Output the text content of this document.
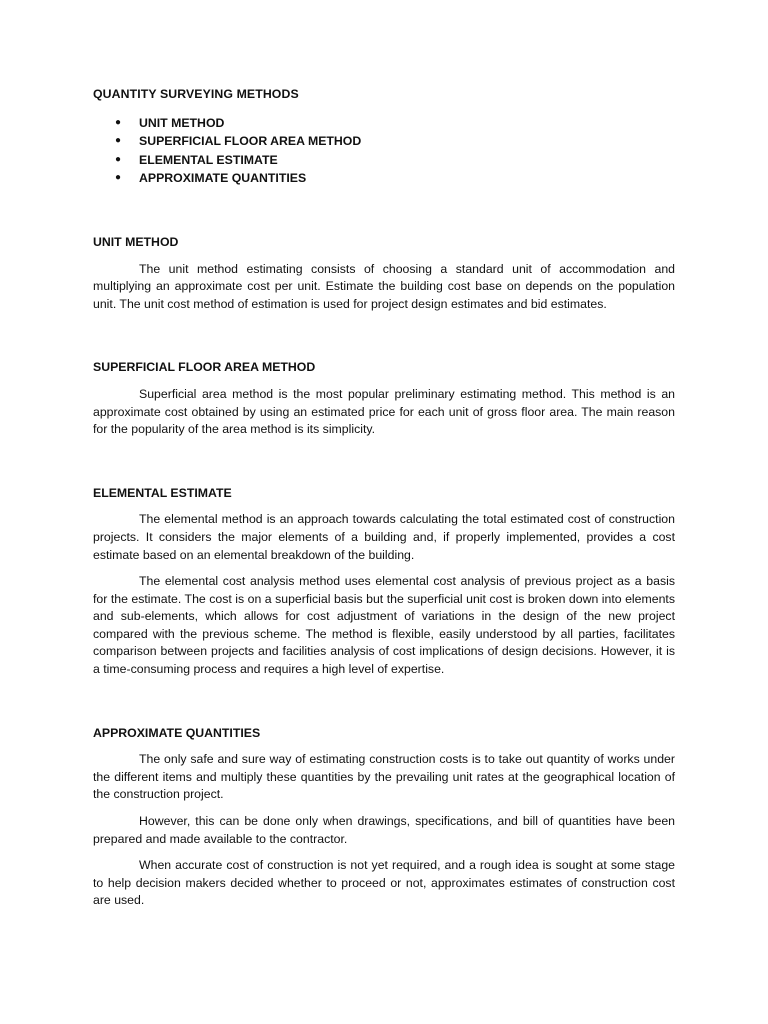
QUANTITY SURVEYING METHODS
● UNIT METHOD
● SUPERFICIAL FLOOR AREA METHOD
● ELEMENTAL ESTIMATE
● APPROXIMATE QUANTITIES
UNIT METHOD

The unit method estimating consists of choosing a standard unit of accommodation and multiplying an approximate cost per unit. Estimate the building cost base on depends on the population unit. The unit cost method of estimation is used for project design estimates and bid estimates.

SUPERFICIAL FLOOR AREA METHOD

Superficial area method is the most popular preliminary estimating method. This method is an approximate cost obtained by using an estimated price for each unit of gross floor area. The main reason for the popularity of the area method is its simplicity.

ELEMENTAL ESTIMATE

The elemental method is an approach towards calculating the total estimated cost of construction projects. It considers the major elements of a building and, if properly implemented, provides a cost estimate based on an elemental breakdown of the building.

The elemental cost analysis method uses elemental cost analysis of previous project as a basis for the estimate. The cost is on a superficial basis but the superficial unit cost is broken down into elements and sub-elements, which allows for cost adjustment of variations in the design of the new project compared with the previous scheme. The method is flexible, easily understood by all parties, facilitates comparison between projects and facilities analysis of cost implications of design decisions. However, it is a time-consuming process and requires a high level of expertise.

APPROXIMATE QUANTITIES

The only safe and sure way of estimating construction costs is to take out quantity of works under the different items and multiply these quantities by the prevailing unit rates at the geographical location of the construction project.

However, this can be done only when drawings, specifications, and bill of quantities have been prepared and made available to the contractor.

When accurate cost of construction is not yet required, and a rough idea is sought at some stage to help decision makers decided whether to proceed or not, approximates estimates of construction cost are used.
